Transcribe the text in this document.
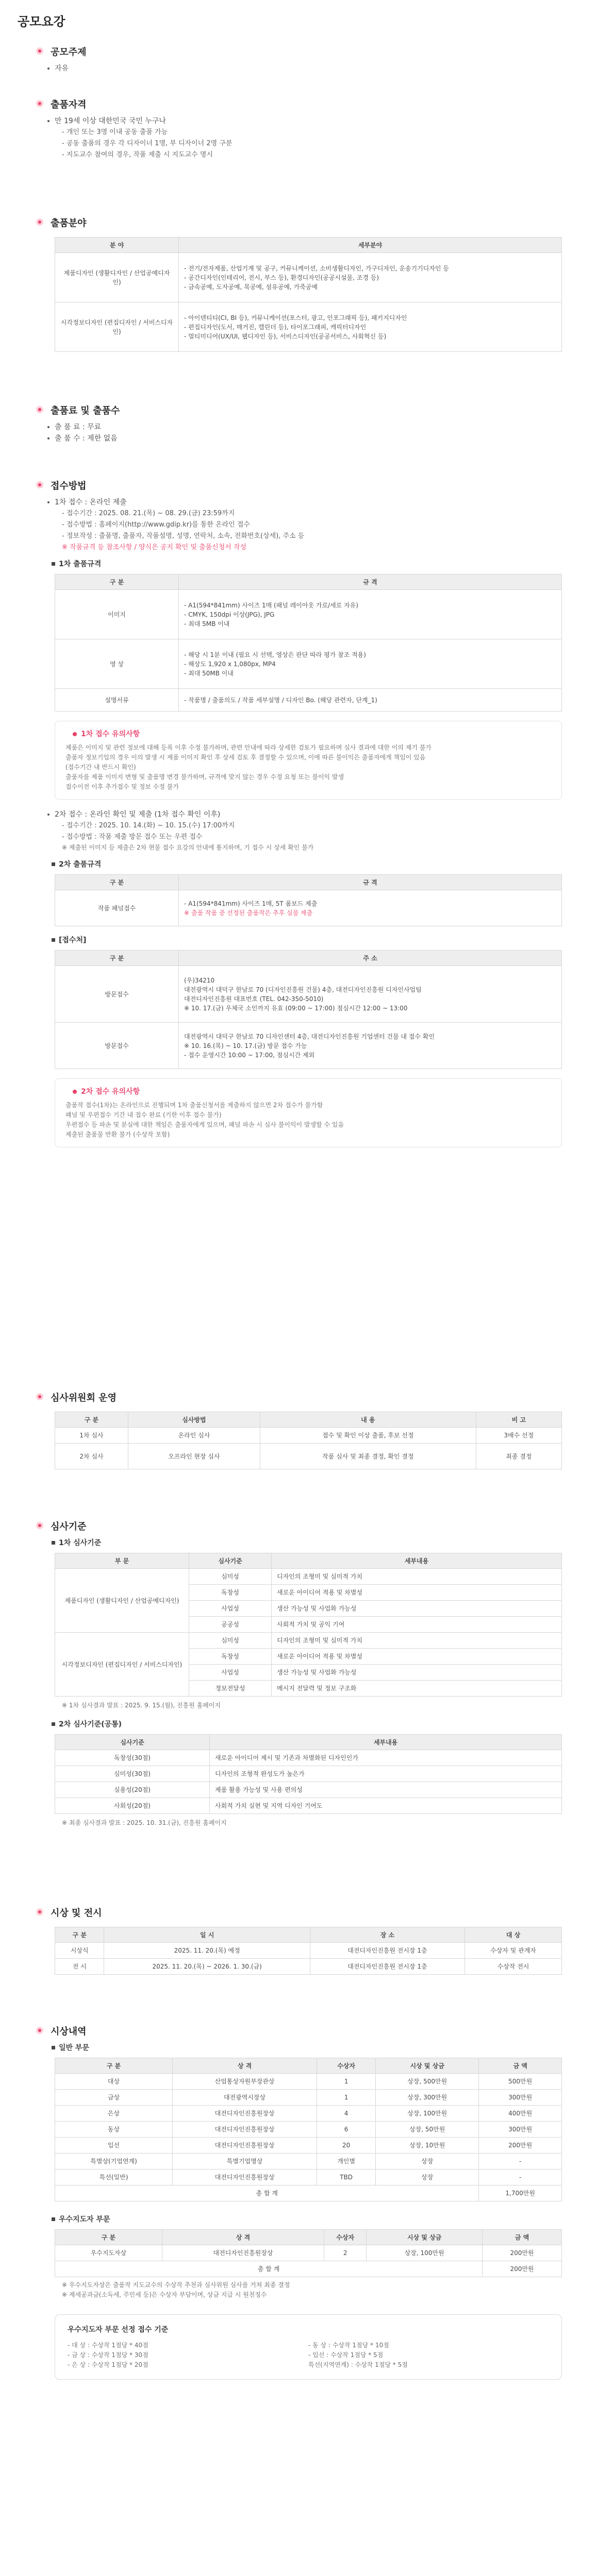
공모요강
공모주제
자유
출품자격
만 19세 이상 대한민국 국민 누구나
- 개인 또는 3명 이내 공동 출품 가능
- 공동 출품의 경우 각 디자이너 1명, 부 디자이너 2명 구분
- 지도교수 참여의 경우, 작품 제출 시 지도교수 명시
출품분야
분 야	세부분야
제품디자인 (생활디자인 / 산업공예디자인)	- 전기/전자제품, 산업기계 및 공구, 커뮤니케이션, 소비생활디자인, 가구디자인, 운송기기디자인 등
- 공간디자인(인테리어, 전시, 부스 등), 환경디자인(공공시설물, 조경 등)
- 금속공예, 도자공예, 목공예, 섬유공예, 가죽공예

시각정보디자인 (편집디자인 / 서비스디자인)	- 아이덴티티(CI, BI 등), 커뮤니케이션(포스터, 광고, 인포그래픽 등), 패키지디자인
- 편집디자인(도서, 매거진, 캘린더 등), 타이포그래피, 캐릭터디자인
- 멀티미디어(UX/UI, 웹디자인 등), 서비스디자인(공공서비스, 사회혁신 등)
출품료 및 출품수
출 품 료 : 무료
출 품 수 : 제한 없음
접수방법
1차 접수 : 온라인 제출
- 접수기간 : 2025. 08. 21.(목) ~ 08. 29.(금) 23:59까지
- 접수방법 : 홈페이지(http://www.gdip.kr)를 통한 온라인 접수
- 정보작성 : 출품명, 출품자, 작품설명, 성명, 연락처, 소속, 전화번호(상세), 주소 등
※ 작품규격 등 참조사항 / 양식은 공지 확인 및 출품신청서 작성
1차 출품규격
구 분	규 격
이미지	- A1(594*841mm) 사이즈 1매 (패널 레이아웃 가로/세로 자유)
- CMYK, 150dpi 이상(JPG), JPG
- 최대 5MB 이내

영 상	- 해당 시 1분 이내 (필요 시 선택, 영상은 판단 따라 평가 참조 적용)
- 해상도 1,920 x 1,080px, MP4
- 최대 50MB 이내

설명서류	- 작품명 / 출품의도 / 작품 세부설명 / 디자인 Bo. (해당 관련자, 단계_1)
1차 접수 유의사항
제품은 이미지 및 관련 정보에 대해 등록 이후 수정 불가하며, 관련 안내에 따라 상세한 검토가 필요하며 심사 결과에 대한 이의 제기 불가
출품자 정보기입의 경우 이의 발생 시 제품 이미지 확인 후 상세 검토 후 결정할 수 있으며, 이에 따른 불이익은 출품자에게 책임이 있음
(접수기간 내 반드시 확인)
출품자를 제품 이미지 변형 및 출품명 변경 불가하며, 규격에 맞지 않는 경우 수정 요청 또는 불이익 발생
접수이전 이후 추가접수 및 정보 수정 불가
2차 접수 : 온라인 확인 및 제출 (1차 접수 확인 이후)
- 접수기간 : 2025. 10. 14.(화) ~ 10. 15.(수) 17:00까지
- 접수방법 : 작품 제출 방문 접수 또는 우편 접수
※ 제출된 이미지 등 제출은 2차 현물 접수 요강의 안내에 통지하며, 기 접수 시 상세 확인 불가
2차 출품규격
구 분	규 격
작품 패널접수	- A1(594*841mm) 사이즈 1매, 5T 폼보드 제출
※ 출품 작품 중 선정된 출품작은 추후 실물 제출
[접수처]
구 분	주 소
방문접수	(우)34210
대전광역시 대덕구 한남로 70 (디자인진흥원 건물) 4층, 대전디자인진흥원 디자인사업팀
대전디자인진흥원 대표번호 (TEL. 042-350-5010)
※ 10. 17.(금) 우체국 소인까지 유효 (09:00 ~ 17:00) 점심시간 12:00 ~ 13:00

방문접수	대전광역시 대덕구 한남로 70 디자인센터 4층, 대전디자인진흥원 기업센터 건물 내 접수 확인
※ 10. 16.(목) ~ 10. 17.(금) 방문 접수 가능
- 접수 운영시간 10:00 ~ 17:00, 점심시간 제외
2차 접수 유의사항
출품작 접수(1차)는 온라인으로 진행되며 1차 출품신청서를 제출하지 않으면 2차 접수가 불가함
패널 및 우편접수 기간 내 접수 완료 (기한 이후 접수 불가)
우편접수 등 파손 및 분실에 대한 책임은 출품자에게 있으며, 패널 파손 시 심사 불이익이 발생할 수 있음
제출된 출품물 반환 불가 (수상작 포함)
심사위원회 운영
구 분	심사방법	내 용	비 고
1차 심사	온라인 심사	접수 및 확인 이상 출품, 후보 선정	3배수 선정
2차 심사	오프라인 현장 심사	작품 심사 및 최종 결정, 확인 결정	최종 결정
심사기준
1차 심사기준
부 문	심사기준	세부내용
제품디자인 (생활디자인 / 산업공예디자인)	심미성	디자인의 조형미 및 심미적 가치
	독창성	새로운 아이디어 적용 및 차별성
	사업성	생산 가능성 및 사업화 가능성
	공공성	사회적 가치 및 공익 기여
시각정보디자인 (편집디자인 / 서비스디자인)	심미성	디자인의 조형미 및 심미적 가치
	독창성	새로운 아이디어 적용 및 차별성
	사업성	생산 가능성 및 사업화 가능성
	정보전달성	메시지 전달력 및 정보 구조화
※ 1차 심사결과 발표 : 2025. 9. 15.(월), 진흥원 홈페이지
2차 심사기준(공통)
심사기준	세부내용
독창성(30점)	새로운 아이디어 제시 및 기존과 차별화된 디자인인가
심미성(30점)	디자인의 조형적 완성도가 높은가
실용성(20점)	제품 활용 가능성 및 사용 편의성
사회성(20점)	사회적 가치 실현 및 지역 디자인 기여도
※ 최종 심사결과 발표 : 2025. 10. 31.(금), 진흥원 홈페이지
시상 및 전시
구 분	일 시	장 소	대 상
시상식	2025. 11. 20.(목) 예정	대전디자인진흥원 전시장 1층	수상자 및 관계자
전 시	2025. 11. 20.(목) ~ 2026. 1. 30.(금)	대전디자인진흥원 전시장 1층	수상작 전시
시상내역
일반 부문
구 분	상 격	수상자	시상 및 상금	금 액
대상	산업통상자원부장관상	1	상장, 500만원	500만원
금상	대전광역시장상	1	상장, 300만원	300만원
은상	대전디자인진흥원장상	4	상장, 100만원	400만원
동상	대전디자인진흥원장상	6	상장, 50만원	300만원
입선	대전디자인진흥원장상	20	상장, 10만원	200만원
특별상(기업연계)	특별기업명상	개인별	상장	-
특선(일반)	대전디자인진흥원장상	TBD	상장	-
총 합 계				1,700만원
우수지도자 부문
구 분	상 격	수상자	시상 및 상금	금 액
우수지도자상	대전디자인진흥원장상	2	상장, 100만원	200만원
총 합 계				200만원
※ 우수지도자상은 출품작 지도교수의 수상작 추천과 심사위원 심사를 거쳐 최종 결정
※ 제세공과금(소득세, 주민세 등)은 수상자 부담이며, 상금 지급 시 원천징수
우수지도자 부문 선정 접수 기준
- 대 상 : 수상작 1점당 * 40점
- 금 상 : 수상작 1점당 * 30점
- 은 상 : 수상작 1점당 * 20점
- 동 상 : 수상작 1점당 * 10점
- 입선 : 수상작 1점당 * 5점
특선(지역연계) : 수상작 1점당 * 5점
